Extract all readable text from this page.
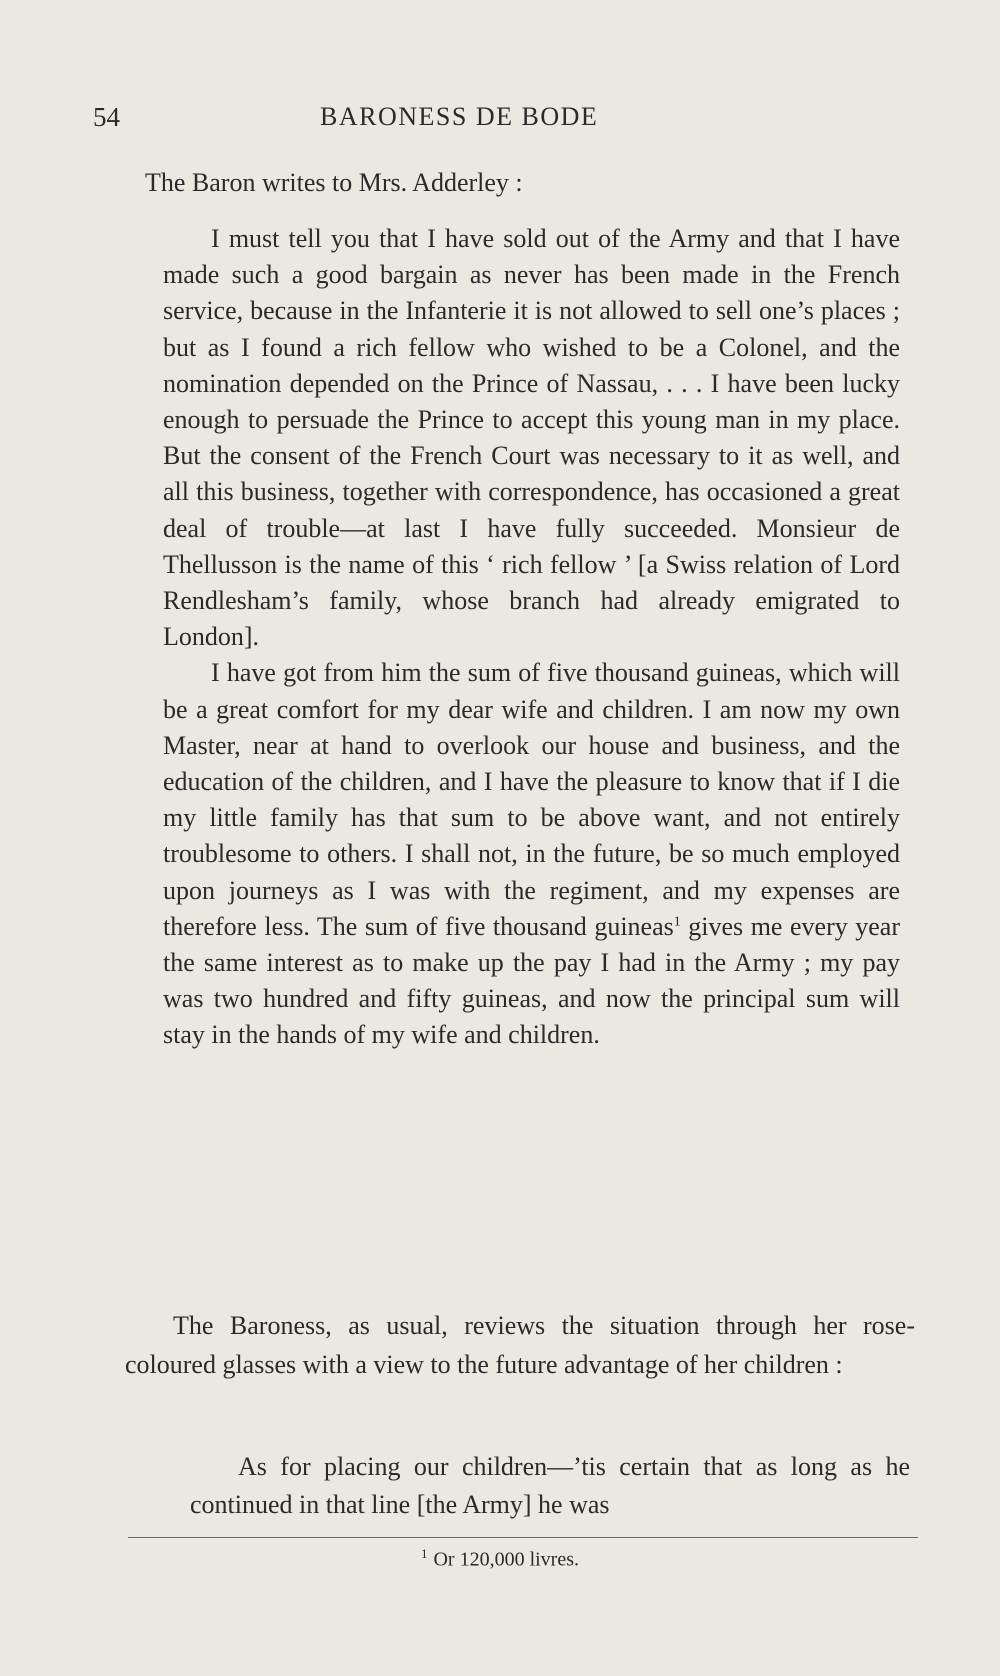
54	BARONESS DE BODE

The Baron writes to Mrs. Adderley :

I must tell you that I have sold out of the Army and that I have made such a good bargain as never has been made in the French service, because in the Infanterie it is not allowed to sell one’s places ; but as I found a rich fellow who wished to be a Colonel, and the nomination depended on the Prince of Nassau, . . . I have been lucky enough to persuade the Prince to accept this young man in my place. But the consent of the French Court was necessary to it as well, and all this business, together with correspondence, has occasioned a great deal of trouble—at last I have fully succeeded. Monsieur de Thellusson is the name of this ‘ rich fellow ’ [a Swiss relation of Lord Rendlesham’s family, whose branch had already emigrated to London].

I have got from him the sum of five thousand guineas, which will be a great comfort for my dear wife and children. I am now my own Master, near at hand to overlook our house and business, and the education of the children, and I have the pleasure to know that if I die my little family has that sum to be above want, and not entirely troublesome to others. I shall not, in the future, be so much employed upon journeys as I was with the regiment, and my expenses are therefore less. The sum of five thousand guineas$^1$ gives me every year the same interest as to make up the pay I had in the Army ; my pay was two hundred and fifty guineas, and now the principal sum will stay in the hands of my wife and children.

The Baroness, as usual, reviews the situation through her rose-coloured glasses with a view to the future advantage of her children :

As for placing our children—’tis certain that as long as he continued in that line [the Army] he was

$^1$ Or 120,000 livres.
